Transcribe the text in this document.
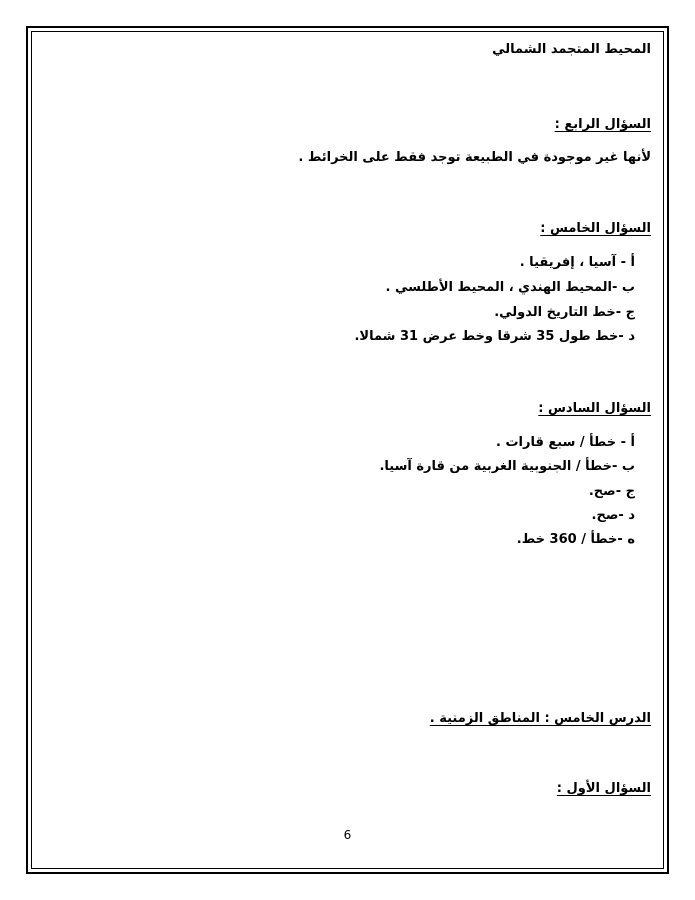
المحيط المتجمد الشمالي
السؤال الرابع :
لأنها غير موجودة في الطبيعة توجد فقط على الخرائط .
السؤال الخامس :
أ - آسيا ، إفريقيا .
ب -المحيط الهندي ، المحيط الأطلسي .
ج -خط التاريخ الدولي.
د -خط طول 35 شرقا وخط عرض 31 شمالا.
السؤال السادس :
أ - خطأ / سبع قارات .
ب -خطأ / الجنوبية الغربية من قارة آسيا.
ج -صح.
د -صح.
ه -خطأ / 360 خط.
الدرس الخامس : المناطق الزمنية .
السؤال الأول :
6
